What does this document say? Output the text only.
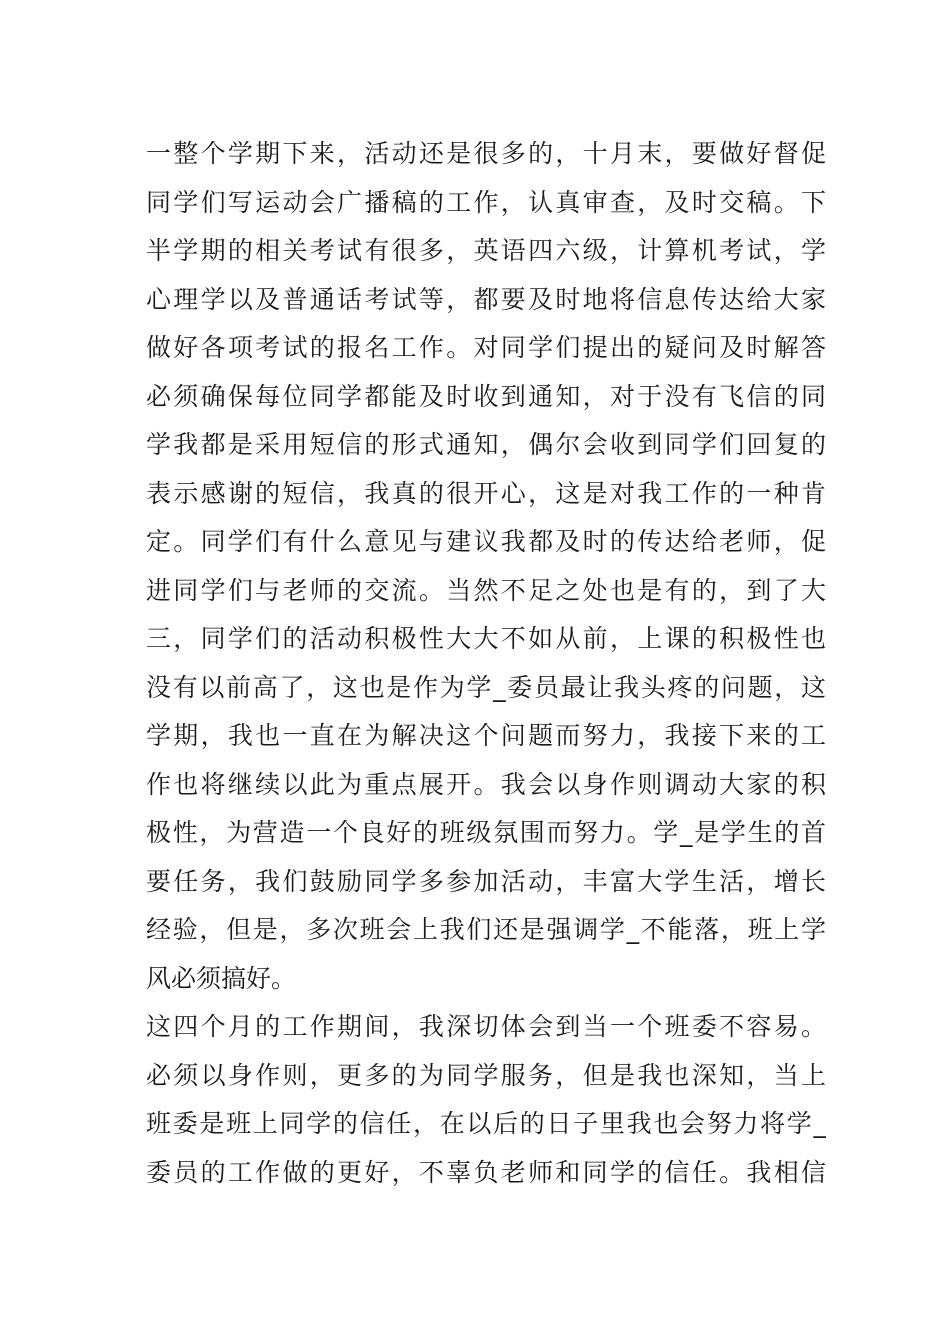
一整个学期下来，活动还是很多的，十月末，要做好督促
同学们写运动会广播稿的工作，认真审查，及时交稿。下
半学期的相关考试有很多，英语四六级，计算机考试，学
心理学以及普通话考试等，都要及时地将信息传达给大家
做好各项考试的报名工作。对同学们提出的疑问及时解答
必须确保每位同学都能及时收到通知，对于没有飞信的同
学我都是采用短信的形式通知，偶尔会收到同学们回复的
表示感谢的短信，我真的很开心，这是对我工作的一种肯
定。同学们有什么意见与建议我都及时的传达给老师，促
进同学们与老师的交流。当然不足之处也是有的，到了大
三，同学们的活动积极性大大不如从前，上课的积极性也
没有以前高了，这也是作为学_委员最让我头疼的问题，这
学期，我也一直在为解决这个问题而努力，我接下来的工
作也将继续以此为重点展开。我会以身作则调动大家的积
极性，为营造一个良好的班级氛围而努力。学_是学生的首
要任务，我们鼓励同学多参加活动，丰富大学生活，增长
经验，但是，多次班会上我们还是强调学_不能落，班上学
风必须搞好。
这四个月的工作期间，我深切体会到当一个班委不容易。
必须以身作则，更多的为同学服务，但是我也深知，当上
班委是班上同学的信任，在以后的日子里我也会努力将学_
委员的工作做的更好，不辜负老师和同学的信任。我相信
